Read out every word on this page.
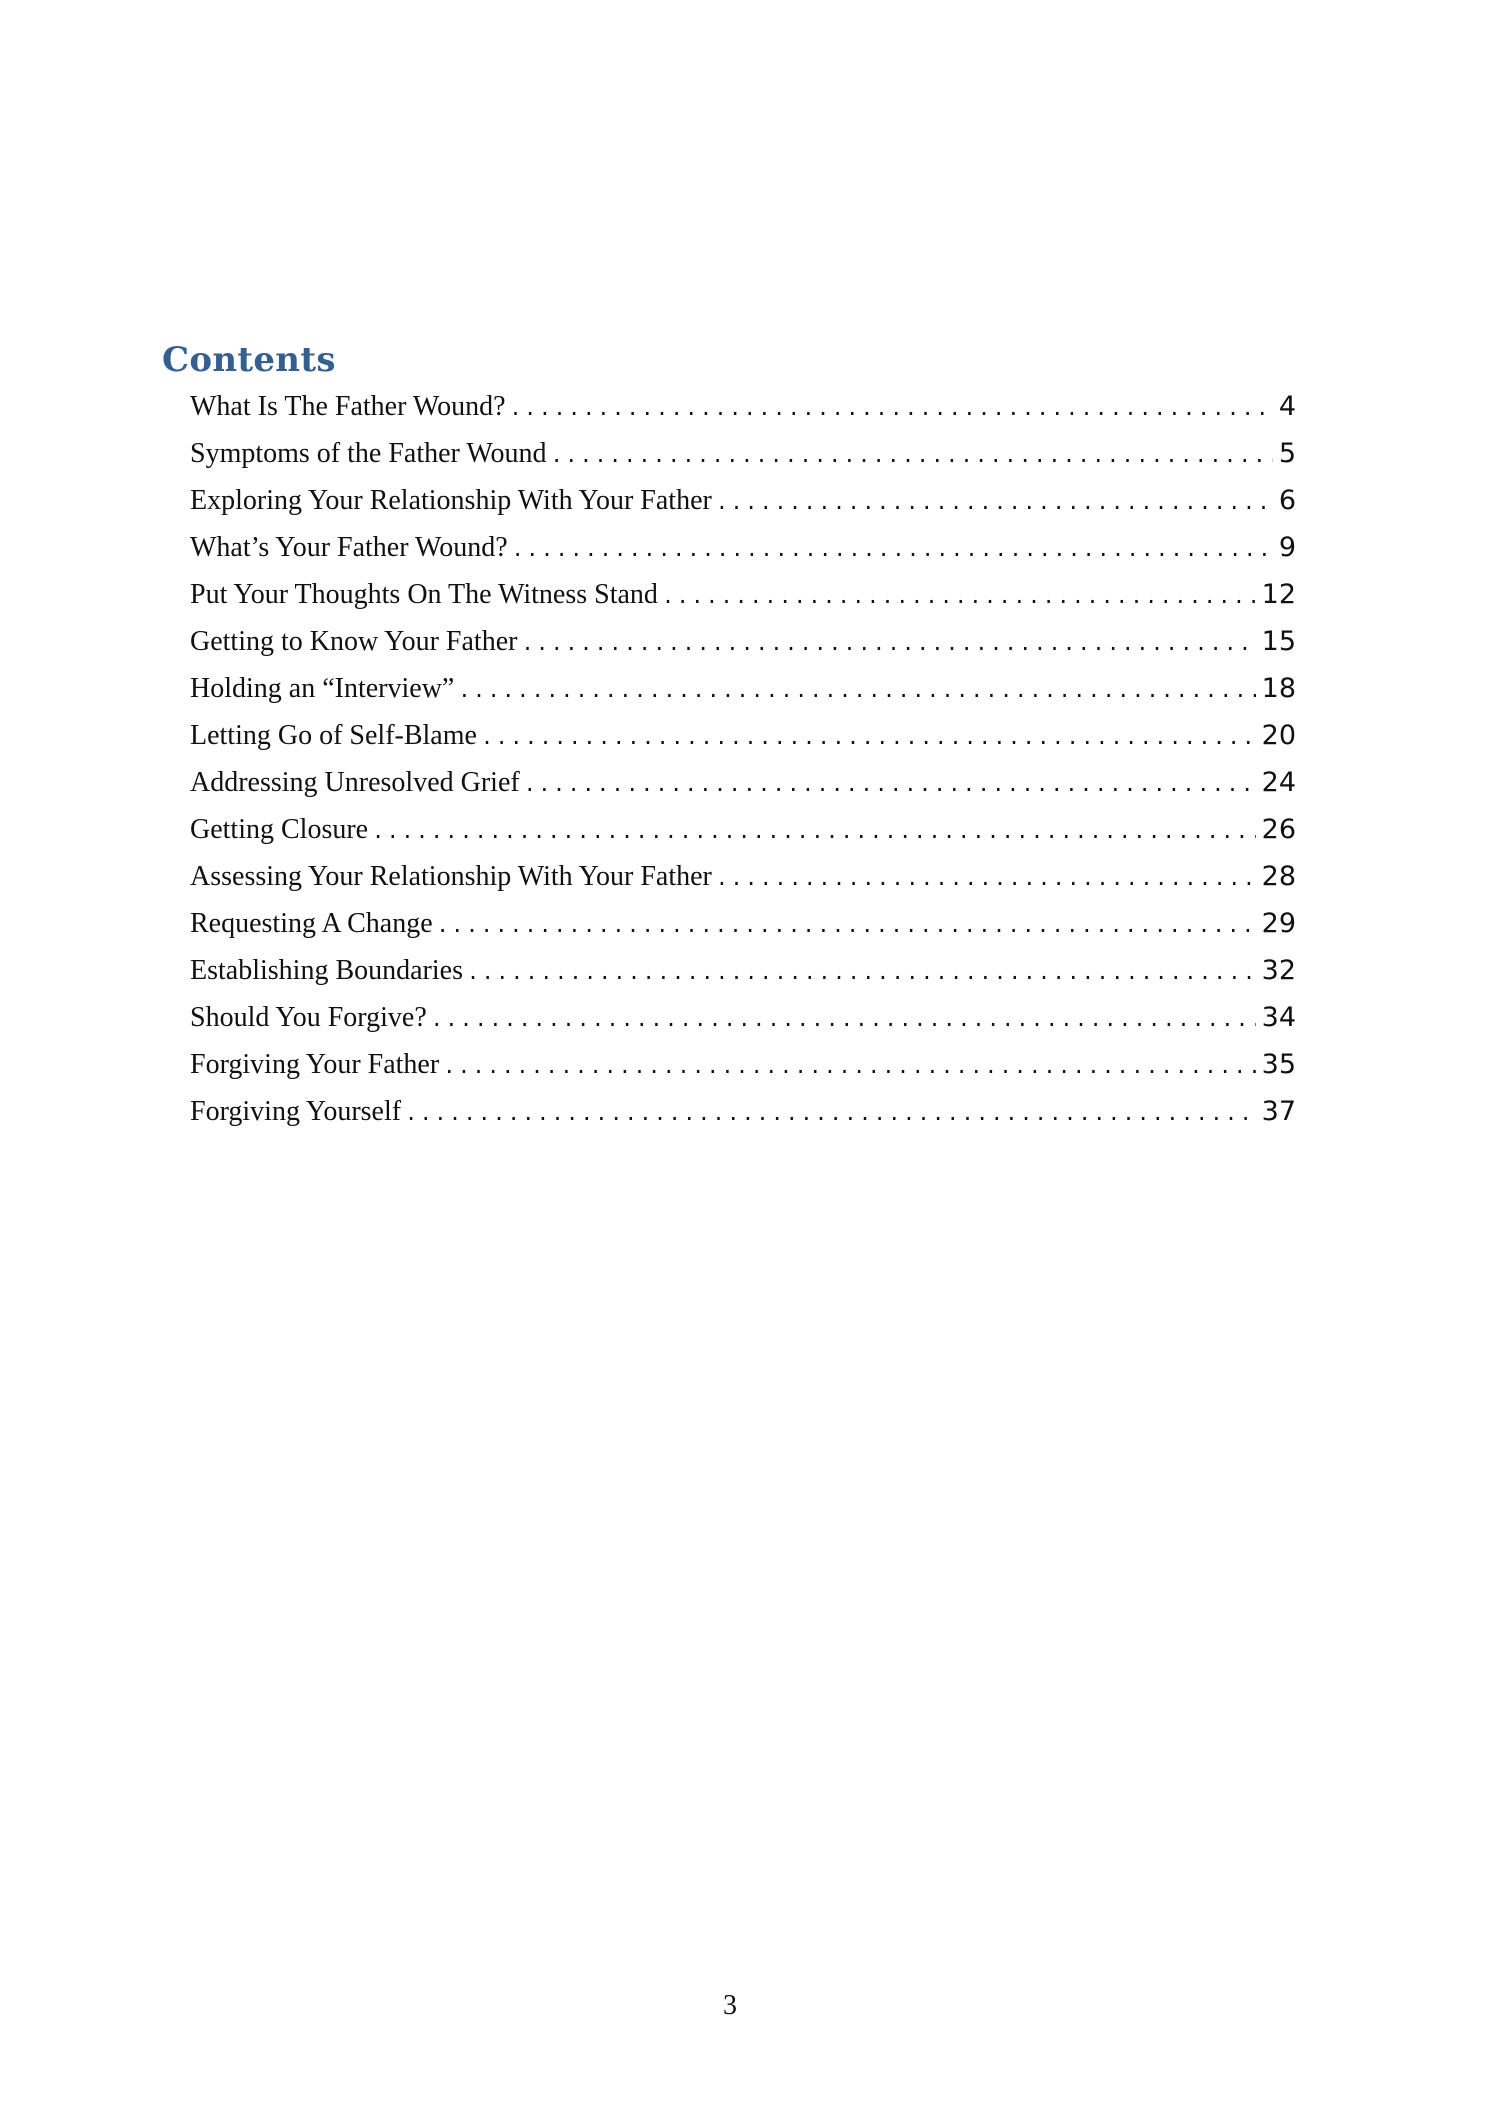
Contents
What Is The Father Wound? .....	4
Symptoms of the Father Wound .....	5
Exploring Your Relationship With Your Father .....	6
What’s Your Father Wound? .....	9
Put Your Thoughts On The Witness Stand .....	12
Getting to Know Your Father .....	15
Holding an “Interview” .....	18
Letting Go of Self-Blame .....	20
Addressing Unresolved Grief .....	24
Getting Closure .....	26
Assessing Your Relationship With Your Father .....	28
Requesting A Change .....	29
Establishing Boundaries .....	32
Should You Forgive? .....	34
Forgiving Your Father .....	35
Forgiving Yourself .....	37
3
